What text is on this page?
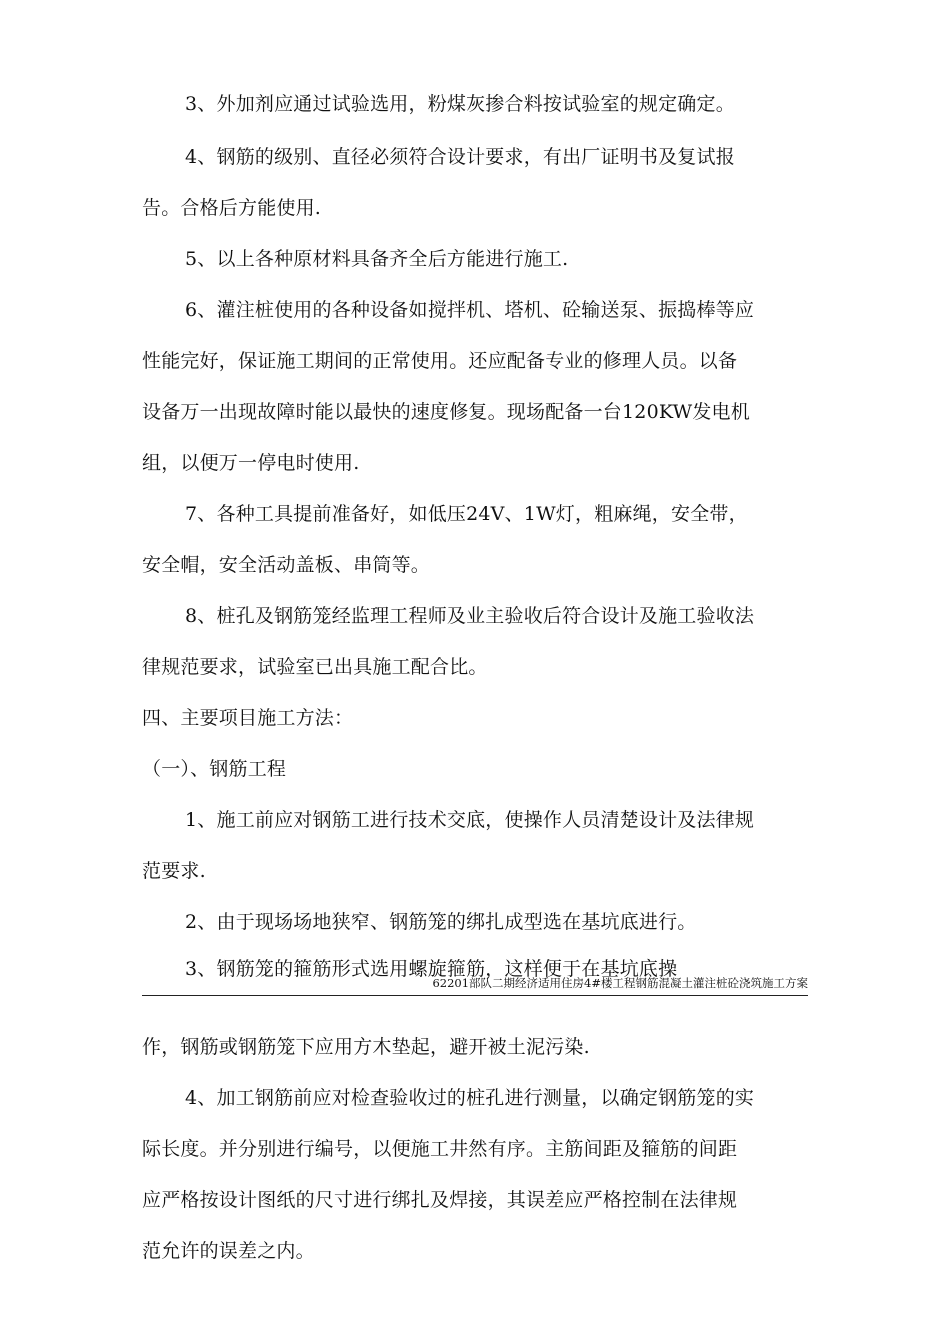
3、外加剂应通过试验选用，粉煤灰掺合料按试验室的规定确定。
4、钢筋的级别、直径必须符合设计要求，有出厂证明书及复试报
告。合格后方能使用.
5、以上各种原材料具备齐全后方能进行施工.
6、灌注桩使用的各种设备如搅拌机、塔机、砼输送泵、振捣棒等应
性能完好，保证施工期间的正常使用。还应配备专业的修理人员。以备
设备万一出现故障时能以最快的速度修复。现场配备一台120KW发电机
组，以便万一停电时使用.
7、各种工具提前准备好，如低压24V、1W灯，粗麻绳，安全带，
安全帽，安全活动盖板、串筒等。
8、桩孔及钢筋笼经监理工程师及业主验收后符合设计及施工验收法
律规范要求，试验室已出具施工配合比。
四、主要项目施工方法：
（一）、钢筋工程
1、施工前应对钢筋工进行技术交底，使操作人员清楚设计及法律规
范要求.
2、由于现场场地狭窄、钢筋笼的绑扎成型选在基坑底进行。
3、钢筋笼的箍筋形式选用螺旋箍筋，这样便于在基坑底操
62201部队二期经济适用住房4#楼工程钢筋混凝土灌注桩砼浇筑施工方案
作，钢筋或钢筋笼下应用方木垫起，避开被土泥污染.
4、加工钢筋前应对检查验收过的桩孔进行测量，以确定钢筋笼的实
际长度。并分别进行编号，以便施工井然有序。主筋间距及箍筋的间距
应严格按设计图纸的尺寸进行绑扎及焊接，其误差应严格控制在法律规
范允许的误差之内。
